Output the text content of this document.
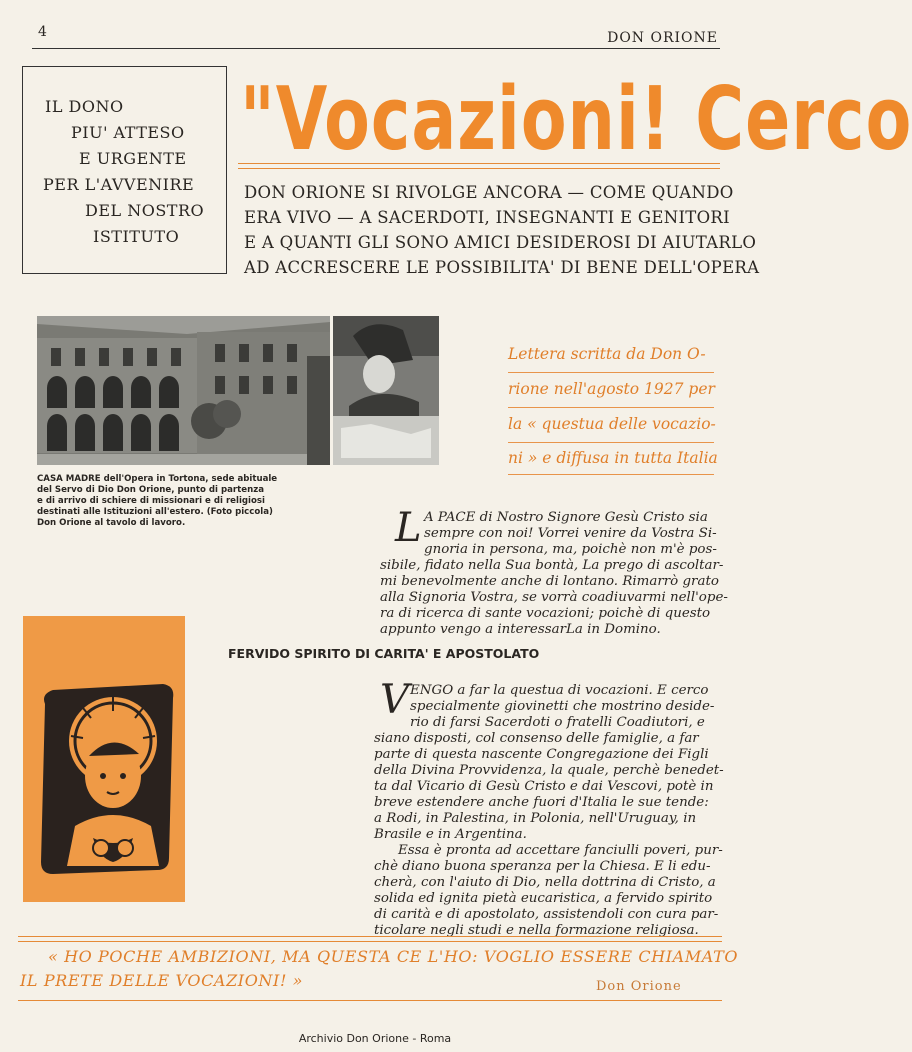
4	DON ORIONE
IL DONO
PIU' ATTESO
E URGENTE
PER L'AVVENIRE
DEL NOSTRO
ISTITUTO
"Vocazioni! Cerco
DON ORIONE SI RIVOLGE ANCORA — COME QUANDO
ERA VIVO — A SACERDOTI, INSEGNANTI E GENITORI
E A QUANTI GLI SONO AMICI DESIDEROSI DI AIUTARLO
AD ACCRESCERE LE POSSIBILITA' DI BENE DELL'OPERA
CASA MADRE dell'Opera in Tortona, sede abituale
del Servo di Dio Don Orione, punto di partenza
e di arrivo di schiere di missionari e di religiosi
destinati alle Istituzioni all'estero. (Foto piccola)
Don Orione al tavolo di lavoro.
Lettera scritta da Don O-
rione nell'agosto 1927 per
la « questua delle vocazio-
ni » e diffusa in tutta Italia
L A PACE di Nostro Signore Gesù Cristo sia
sempre con noi! Vorrei venire da Vostra Si-
gnoria in persona, ma, poichè non m'è pos-
sibile, fidato nella Sua bontà, La prego di ascoltar-
mi benevolmente anche di lontano. Rimarrò grato
alla Signoria Vostra, se vorrà coadiuvarmi nell'ope-
ra di ricerca di sante vocazioni; poichè di questo
appunto vengo a interessarLa in Domino.
FERVIDO SPIRITO DI CARITA' E APOSTOLATO
V ENGO a far la questua di vocazioni. E cerco
specialmente giovinetti che mostrino deside-
rio di farsi Sacerdoti o fratelli Coadiutori, e
siano disposti, col consenso delle famiglie, a far
parte di questa nascente Congregazione dei Figli
della Divina Provvidenza, la quale, perchè benedet-
ta dal Vicario di Gesù Cristo e dai Vescovi, potè in
breve estendere anche fuori d'Italia le sue tende:
a Rodi, in Palestina, in Polonia, nell'Uruguay, in
Brasile e in Argentina.
Essa è pronta ad accettare fanciulli poveri, pur-
chè diano buona speranza per la Chiesa. E li edu-
cherà, con l'aiuto di Dio, nella dottrina di Cristo, a
solida ed ignita pietà eucaristica, a fervido spirito
di carità e di apostolato, assistendoli con cura par-
ticolare negli studi e nella formazione religiosa.
« HO POCHE AMBIZIONI, MA QUESTA CE L'HO: VOGLIO ESSERE CHIAMATO
IL PRETE DELLE VOCAZIONI! »	Don Orione
Archivio Don Orione - Roma
